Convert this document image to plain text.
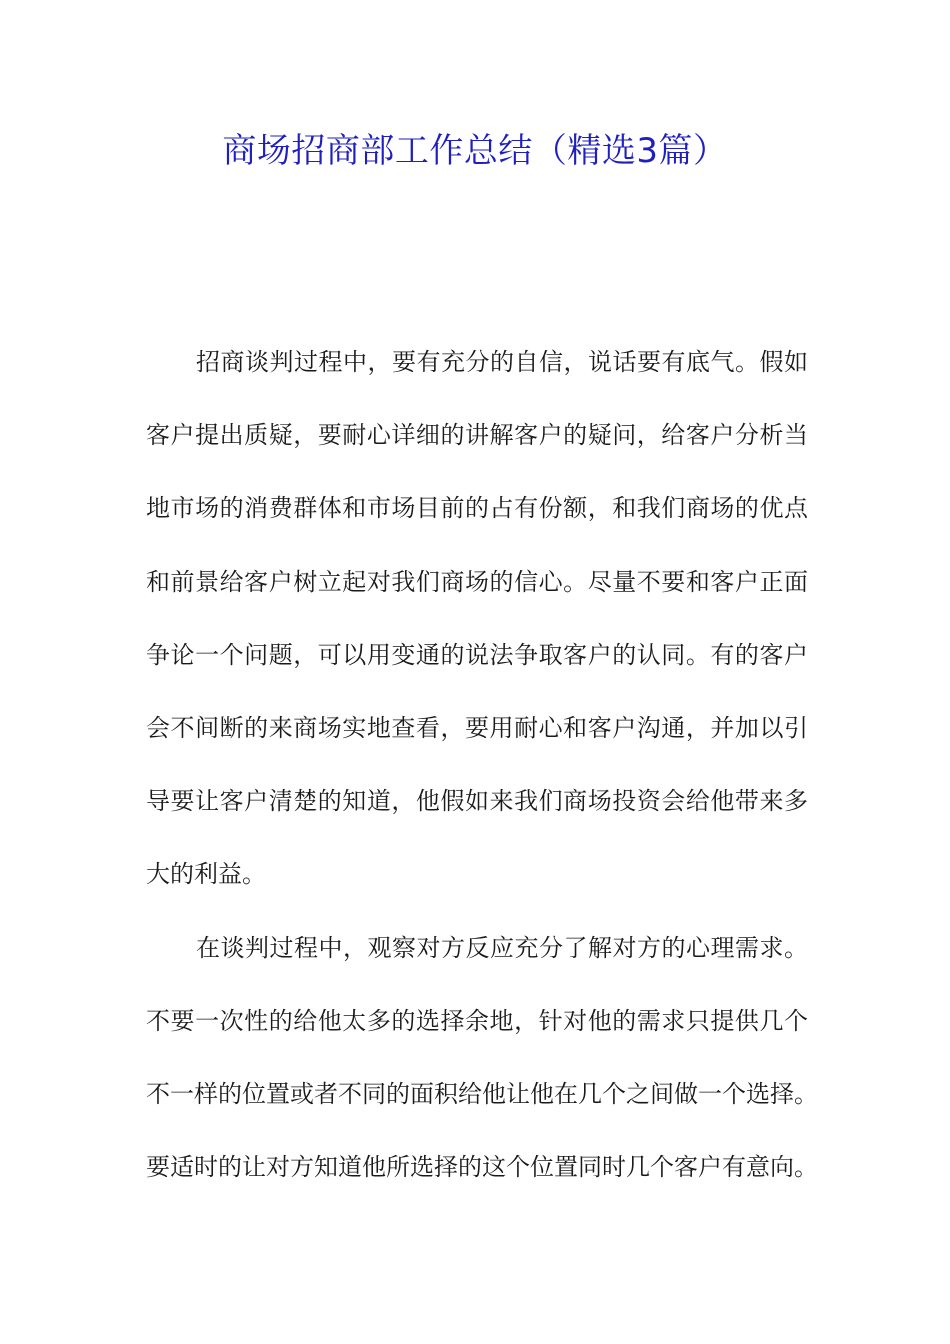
商场招商部工作总结（精选3篇）
招商谈判过程中，要有充分的自信，说话要有底气。假如
客户提出质疑，要耐心详细的讲解客户的疑问，给客户分析当
地市场的消费群体和市场目前的占有份额，和我们商场的优点
和前景给客户树立起对我们商场的信心。尽量不要和客户正面
争论一个问题，可以用变通的说法争取客户的认同。有的客户
会不间断的来商场实地查看，要用耐心和客户沟通，并加以引
导要让客户清楚的知道，他假如来我们商场投资会给他带来多
大的利益。
在谈判过程中，观察对方反应充分了解对方的心理需求。
不要一次性的给他太多的选择余地，针对他的需求只提供几个
不一样的位置或者不同的面积给他让他在几个之间做一个选择。
要适时的让对方知道他所选择的这个位置同时几个客户有意向。
